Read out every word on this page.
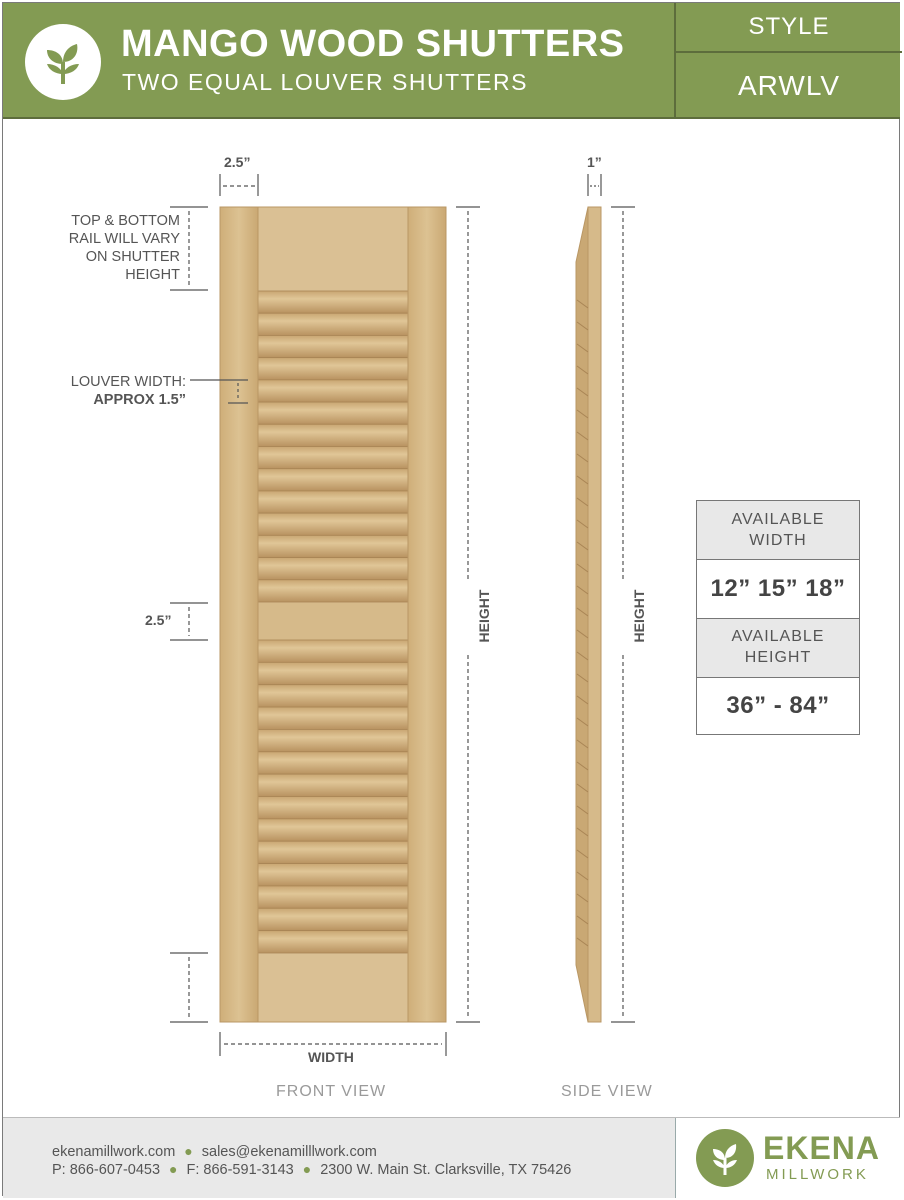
MANGO WOOD SHUTTERS
TWO EQUAL LOUVER SHUTTERS
STYLE
ARWLV
2.5”	1”
TOP & BOTTOM
RAIL WILL VARY
ON SHUTTER
HEIGHT
LOUVER WIDTH:
APPROX 1.5”
2.5”	HEIGHT	HEIGHT
WIDTH
FRONT VIEW	SIDE VIEW
AVAILABLE
WIDTH
12” 15” 18”
AVAILABLE
HEIGHT
36” - 84”
ekenamillwork.com ● sales@ekenamilllwork.com
P: 866-607-0453 ● F: 866-591-3143 ● 2300 W. Main St. Clarksville, TX 75426
EKENA
MILLWORK
